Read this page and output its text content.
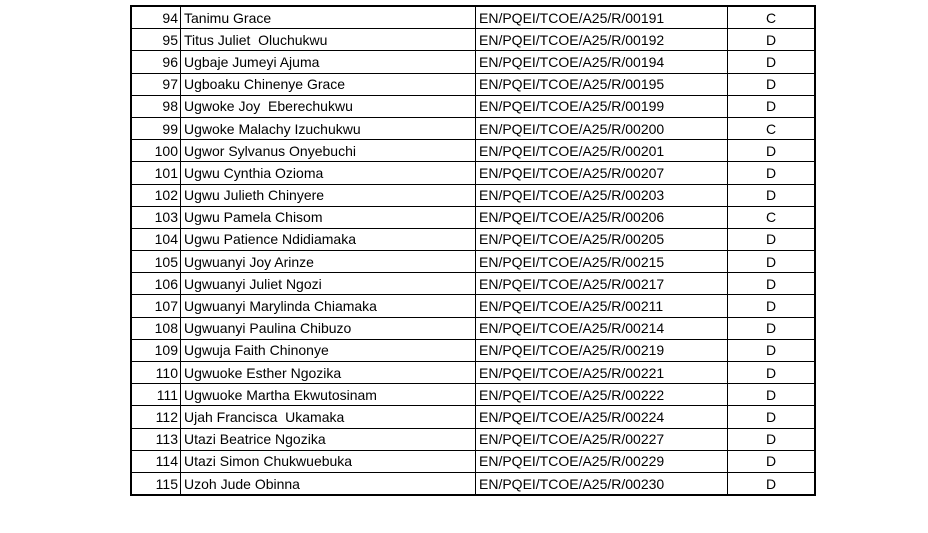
94	Tanimu Grace	EN/PQEI/TCOE/A25/R/00191	C
95	Titus Juliet  Oluchukwu	EN/PQEI/TCOE/A25/R/00192	D
96	Ugbaje Jumeyi Ajuma	EN/PQEI/TCOE/A25/R/00194	D
97	Ugboaku Chinenye Grace	EN/PQEI/TCOE/A25/R/00195	D
98	Ugwoke Joy  Eberechukwu	EN/PQEI/TCOE/A25/R/00199	D
99	Ugwoke Malachy Izuchukwu	EN/PQEI/TCOE/A25/R/00200	C
100	Ugwor Sylvanus Onyebuchi	EN/PQEI/TCOE/A25/R/00201	D
101	Ugwu Cynthia Ozioma	EN/PQEI/TCOE/A25/R/00207	D
102	Ugwu Julieth Chinyere	EN/PQEI/TCOE/A25/R/00203	D
103	Ugwu Pamela Chisom	EN/PQEI/TCOE/A25/R/00206	C
104	Ugwu Patience Ndidiamaka	EN/PQEI/TCOE/A25/R/00205	D
105	Ugwuanyi Joy Arinze	EN/PQEI/TCOE/A25/R/00215	D
106	Ugwuanyi Juliet Ngozi	EN/PQEI/TCOE/A25/R/00217	D
107	Ugwuanyi Marylinda Chiamaka	EN/PQEI/TCOE/A25/R/00211	D
108	Ugwuanyi Paulina Chibuzo	EN/PQEI/TCOE/A25/R/00214	D
109	Ugwuja Faith Chinonye	EN/PQEI/TCOE/A25/R/00219	D
110	Ugwuoke Esther Ngozika	EN/PQEI/TCOE/A25/R/00221	D
111	Ugwuoke Martha Ekwutosinam	EN/PQEI/TCOE/A25/R/00222	D
112	Ujah Francisca  Ukamaka	EN/PQEI/TCOE/A25/R/00224	D
113	Utazi Beatrice Ngozika	EN/PQEI/TCOE/A25/R/00227	D
114	Utazi Simon Chukwuebuka	EN/PQEI/TCOE/A25/R/00229	D
115	Uzoh Jude Obinna	EN/PQEI/TCOE/A25/R/00230	D
